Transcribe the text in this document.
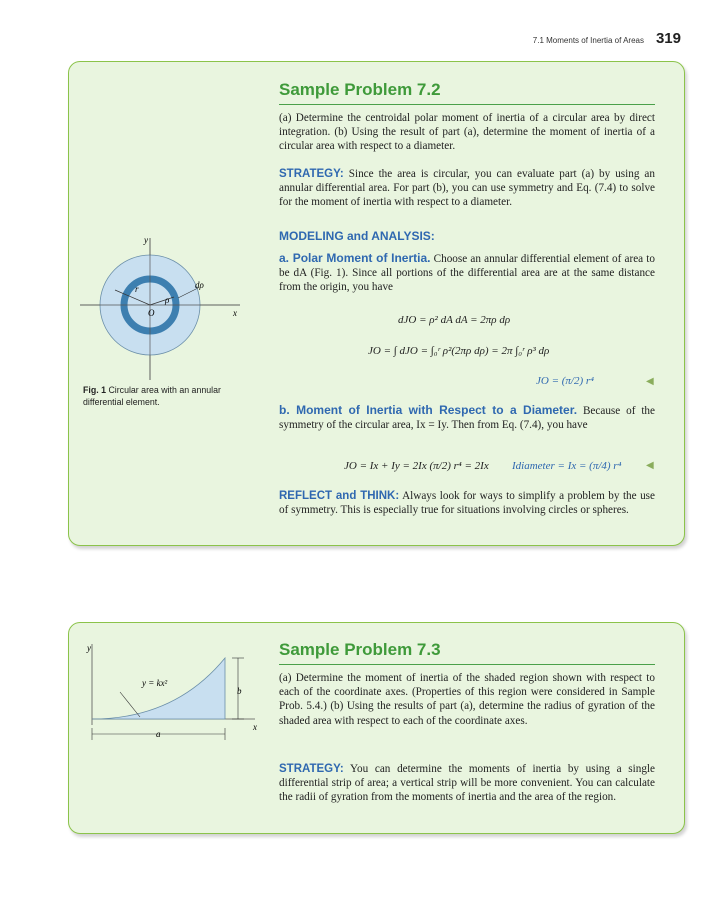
7.1 Moments of Inertia of Areas 319
y
x
O
r
ρ
dρ
Fig. 1 Circular area with an annular differential element.
Sample Problem 7.2
(a) Determine the centroidal polar moment of inertia of a circular area by direct integration. (b) Using the result of part (a), determine the moment of inertia of a circular area with respect to a diameter.
STRATEGY: Since the area is circular, you can evaluate part (a) by using an annular differential area. For part (b), you can use symmetry and Eq. (7.4) to solve for the moment of inertia with respect to a diameter.
MODELING and ANALYSIS:
a. Polar Moment of Inertia. Choose an annular differential element of area to be dA (Fig. 1). Since all portions of the differential area are at the same distance from the origin, you have
dJO = ρ² dA dA = 2πρ dρ
JO = ∫ dJO = ∫₀ʳ ρ²(2πρ dρ) = 2π ∫₀ʳ ρ³ dρ
JO = (π/2) r⁴	◀
b. Moment of Inertia with Respect to a Diameter. Because of the symmetry of the circular area, Ix = Iy. Then from Eq. (7.4), you have
JO = Ix + Iy = 2Ix (π/2) r⁴ = 2Ix Idiameter = Ix = (π/4) r⁴ ◀
REFLECT and THINK: Always look for ways to simplify a problem by the use of symmetry. This is especially true for situations involving circles or spheres.
y
x
y = kx²
b
a
Sample Problem 7.3
(a) Determine the moment of inertia of the shaded region shown with respect to each of the coordinate axes. (Properties of this region were considered in Sample Prob. 5.4.) (b) Using the results of part (a), determine the radius of gyration of the shaded area with respect to each of the coordinate axes.
STRATEGY: You can determine the moments of inertia by using a single differential strip of area; a vertical strip will be more convenient. You can calculate the radii of gyration from the moments of inertia and the area of the region.
